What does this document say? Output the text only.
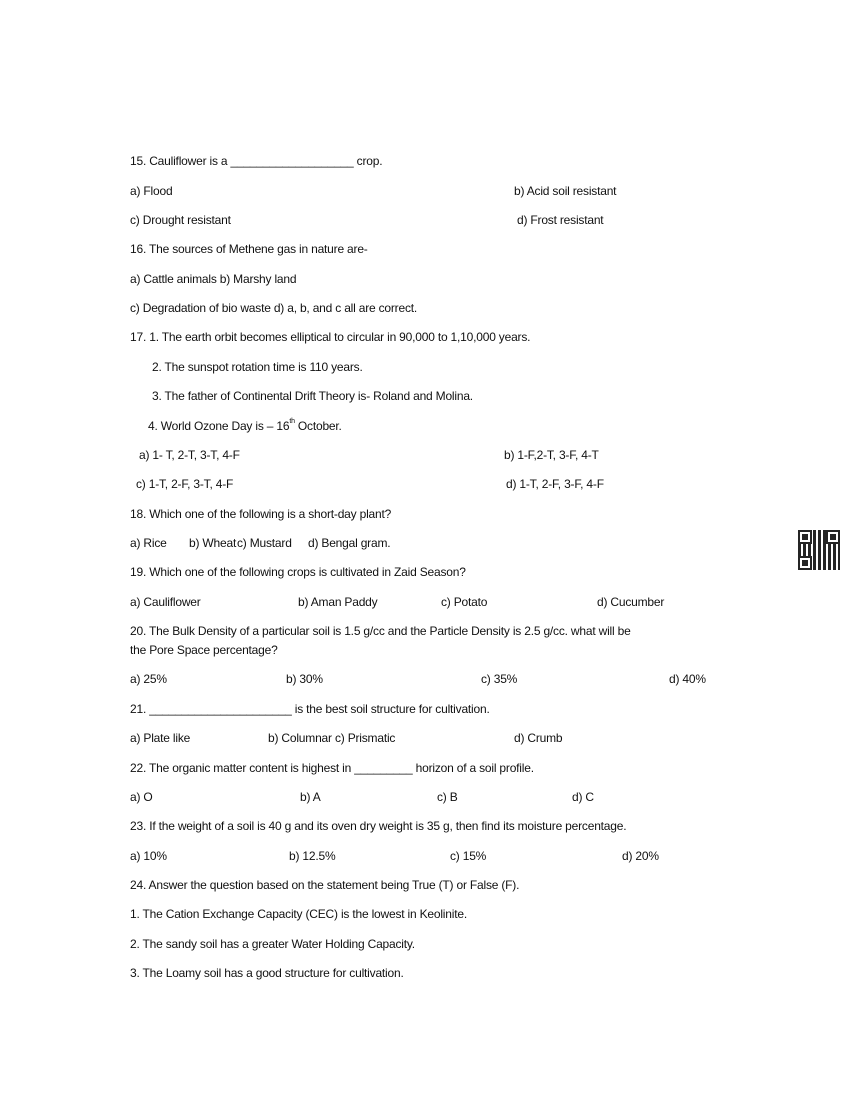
15. Cauliflower is a ___________________ crop.
a) Flood	b) Acid soil resistant
c) Drought resistant	d) Frost resistant
16. The sources of Methene gas in nature are-
a) Cattle animals b) Marshy land
c) Degradation of bio waste d) a, b, and c all are correct.
17. 1. The earth orbit becomes elliptical to circular in 90,000 to 1,10,000 years.
2. The sunspot rotation time is 110 years.
3. The father of Continental Drift Theory is- Roland and Molina.
4. World Ozone Day is – 16th October.
a) 1- T, 2-T, 3-T, 4-F	b) 1-F,2-T, 3-F, 4-T
c) 1-T, 2-F, 3-T, 4-F	d) 1-T, 2-F, 3-F, 4-F
18. Which one of the following is a short-day plant?
a) Rice b) Wheat c) Mustard d) Bengal gram.
19. Which one of the following crops is cultivated in Zaid Season?
a) Cauliflower	b) Aman Paddy	c) Potato	d) Cucumber
20. The Bulk Density of a particular soil is 1.5 g/cc and the Particle Density is 2.5 g/cc. what will be
the Pore Space percentage?
a) 25%	b) 30%	c) 35%	d) 40%
21. ______________________ is the best soil structure for cultivation.
a) Plate like	b) Columnar c) Prismatic	d) Crumb
22. The organic matter content is highest in _________ horizon of a soil profile.
a) O	b) A	c) B	d) C
23. If the weight of a soil is 40 g and its oven dry weight is 35 g, then find its moisture percentage.
a) 10%	b) 12.5%	c) 15%	d) 20%
24. Answer the question based on the statement being True (T) or False (F).
1. The Cation Exchange Capacity (CEC) is the lowest in Keolinite.
2. The sandy soil has a greater Water Holding Capacity.
3. The Loamy soil has a good structure for cultivation.
